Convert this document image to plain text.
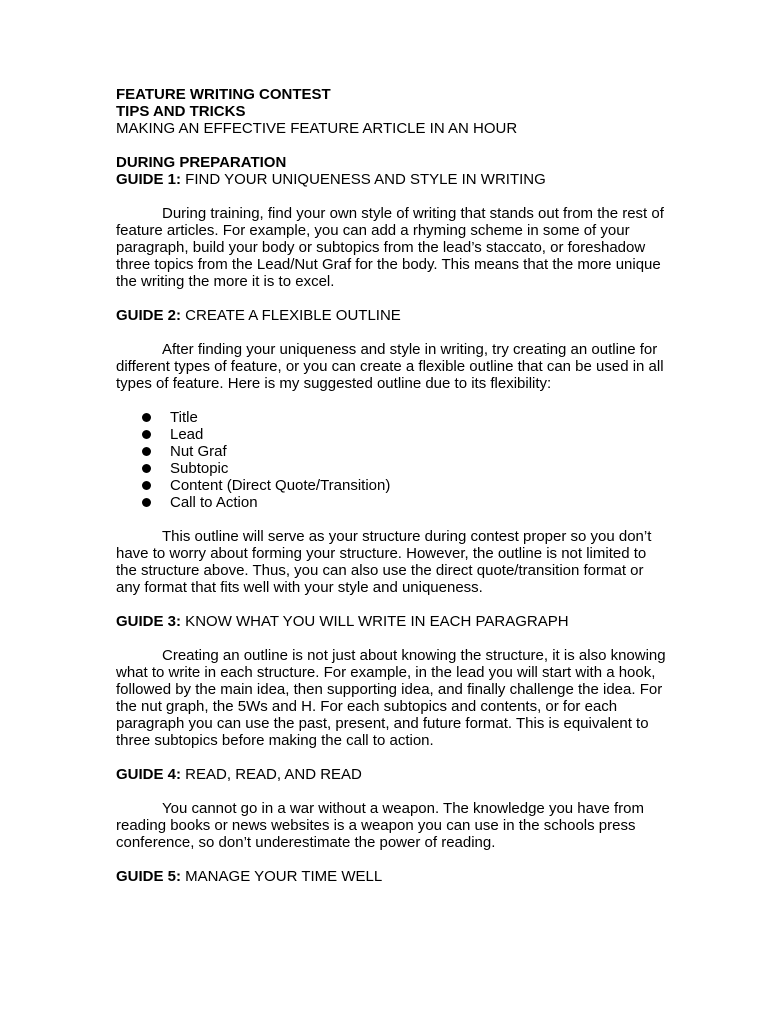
FEATURE WRITING CONTEST

TIPS AND TRICKS

MAKING AN EFFECTIVE FEATURE ARTICLE IN AN HOUR

DURING PREPARATION

GUIDE 1: FIND YOUR UNIQUENESS AND STYLE IN WRITING

During training, find your own style of writing that stands out from the rest of feature articles. For example, you can add a rhyming scheme in some of your paragraph, build your body or subtopics from the lead’s staccato, or foreshadow three topics from the Lead/Nut Graf for the body. This means that the more unique the writing the more it is to excel.

GUIDE 2: CREATE A FLEXIBLE OUTLINE

After finding your uniqueness and style in writing, try creating an outline for different types of feature, or you can create a flexible outline that can be used in all types of feature. Here is my suggested outline due to its flexibility:

Title
Lead
Nut Graf
Subtopic
Content (Direct Quote/Transition)
Call to Action

This outline will serve as your structure during contest proper so you don’t have to worry about forming your structure. However, the outline is not limited to the structure above. Thus, you can also use the direct quote/transition format or any format that fits well with your style and uniqueness.

GUIDE 3: KNOW WHAT YOU WILL WRITE IN EACH PARAGRAPH

Creating an outline is not just about knowing the structure, it is also knowing what to write in each structure. For example, in the lead you will start with a hook, followed by the main idea, then supporting idea, and finally challenge the idea. For the nut graph, the 5Ws and H. For each subtopics and contents, or for each paragraph you can use the past, present, and future format. This is equivalent to three subtopics before making the call to action.

GUIDE 4: READ, READ, AND READ

You cannot go in a war without a weapon. The knowledge you have from reading books or news websites is a weapon you can use in the schools press conference, so don’t underestimate the power of reading.

GUIDE 5: MANAGE YOUR TIME WELL
